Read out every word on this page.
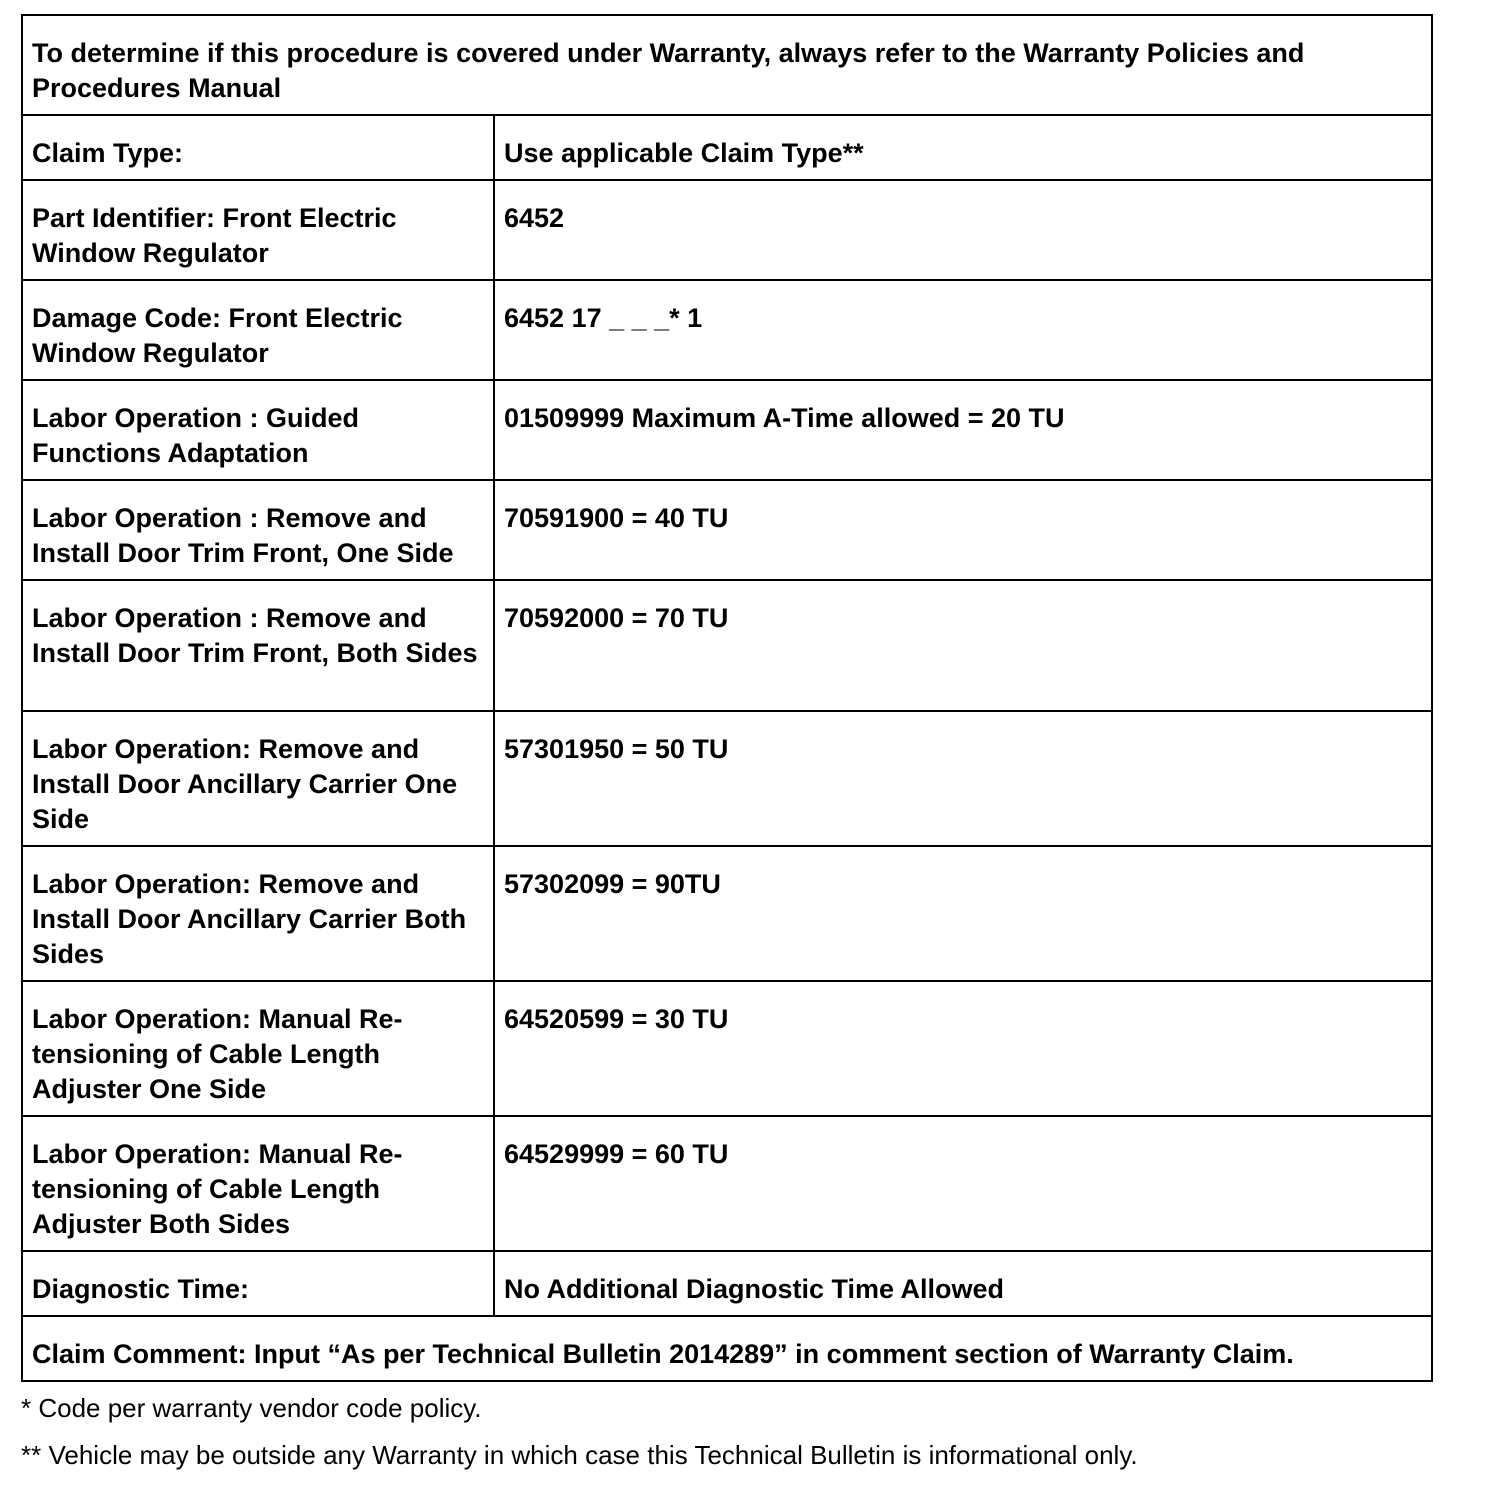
To determine if this procedure is covered under Warranty, always refer to the Warranty Policies and Procedures Manual	
Claim Type:	Use applicable Claim Type**
Part Identifier: Front Electric Window Regulator	6452
Damage Code: Front Electric Window Regulator	6452 17 _ _ _* 1
Labor Operation : Guided Functions Adaptation	01509999 Maximum A-Time allowed = 20 TU
Labor Operation : Remove and Install Door Trim Front, One Side	70591900 = 40 TU
Labor Operation : Remove and Install Door Trim Front, Both Sides	70592000 = 70 TU
Labor Operation: Remove and Install Door Ancillary Carrier One Side	57301950 = 50 TU
Labor Operation: Remove and Install Door Ancillary Carrier Both Sides	57302099 = 90TU
Labor Operation: Manual Re-tensioning of Cable Length Adjuster One Side	64520599 = 30 TU
Labor Operation: Manual Re-tensioning of Cable Length Adjuster Both Sides	64529999 = 60 TU
Diagnostic Time:	No Additional Diagnostic Time Allowed
Claim Comment: Input “As per Technical Bulletin 2014289” in comment section of Warranty Claim.	

* Code per warranty vendor code policy.

** Vehicle may be outside any Warranty in which case this Technical Bulletin is informational only.
